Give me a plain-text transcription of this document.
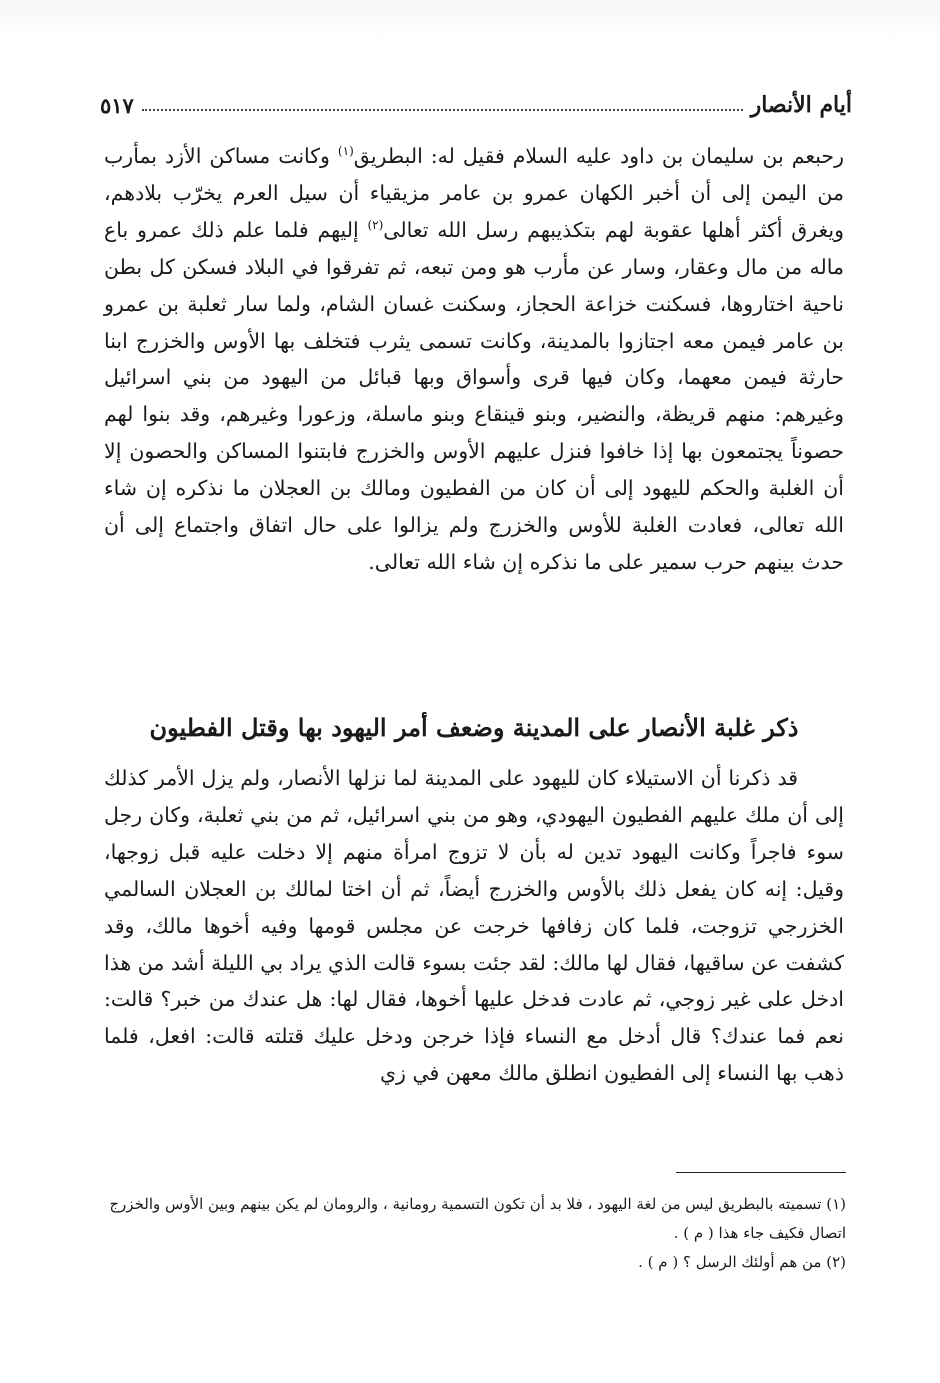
٥١٧	أيام الأنصار

رحبعم بن سليمان بن داود عليه السلام فقيل له: البطريق$^{(١)}$ وكانت مساكن الأزد بمأرب من اليمن إلى أن أخبر الكهان عمرو بن عامر مزيقياء أن سيل العرم يخرّب بلادهم، ويغرق أكثر أهلها عقوبة لهم بتكذيبهم رسل الله تعالى$^{(٢)}$ إليهم فلما علم ذلك عمرو باع ماله من مال وعقار، وسار عن مأرب هو ومن تبعه، ثم تفرقوا في البلاد فسكن كل بطن ناحية اختاروها، فسكنت خزاعة الحجاز، وسكنت غسان الشام، ولما سار ثعلبة بن عمرو بن عامر فيمن معه اجتازوا بالمدينة، وكانت تسمى يثرب فتخلف بها الأوس والخزرج ابنا حارثة فيمن معهما، وكان فيها قرى وأسواق وبها قبائل من اليهود من بني اسرائيل وغيرهم: منهم قريظة، والنضير، وبنو قينقاع وبنو ماسلة، وزعورا وغيرهم، وقد بنوا لهم حصوناً يجتمعون بها إذا خافوا فنزل عليهم الأوس والخزرج فابتنوا المساكن والحصون إلا أن الغلبة والحكم لليهود إلى أن كان من الفطيون ومالك بن العجلان ما نذكره إن شاء الله تعالى، فعادت الغلبة للأوس والخزرج ولم يزالوا على حال اتفاق واجتماع إلى أن حدث بينهم حرب سمير على ما نذكره إن شاء الله تعالى.

ذكر غلبة الأنصار على المدينة وضعف أمر اليهود بها وقتل الفطيون

قد ذكرنا أن الاستيلاء كان لليهود على المدينة لما نزلها الأنصار، ولم يزل الأمر كذلك إلى أن ملك عليهم الفطيون اليهودي، وهو من بني اسرائيل، ثم من بني ثعلبة، وكان رجل سوء فاجراً وكانت اليهود تدين له بأن لا تزوج امرأة منهم إلا دخلت عليه قبل زوجها، وقيل: إنه كان يفعل ذلك بالأوس والخزرج أيضاً، ثم أن اختا لمالك بن العجلان السالمي الخزرجي تزوجت، فلما كان زفافها خرجت عن مجلس قومها وفيه أخوها مالك، وقد كشفت عن ساقيها، فقال لها مالك: لقد جئت بسوء قالت الذي يراد بي الليلة أشد من هذا ادخل على غير زوجي، ثم عادت فدخل عليها أخوها، فقال لها: هل عندك من خبر؟ قالت: نعم فما عندك؟ قال أدخل مع النساء فإذا خرجن ودخل عليك قتلته قالت: افعل، فلما ذهب بها النساء إلى الفطيون انطلق مالك معهن في زي

(١) تسميته بالبطريق ليس من لغة اليهود ، فلا بد أن تكون التسمية رومانية ، والرومان لم يكن بينهم وبين الأوس والخزرج اتصال فكيف جاء هذا ( م ) .

(٢) من هم أولئك الرسل ؟ ( م ) .
